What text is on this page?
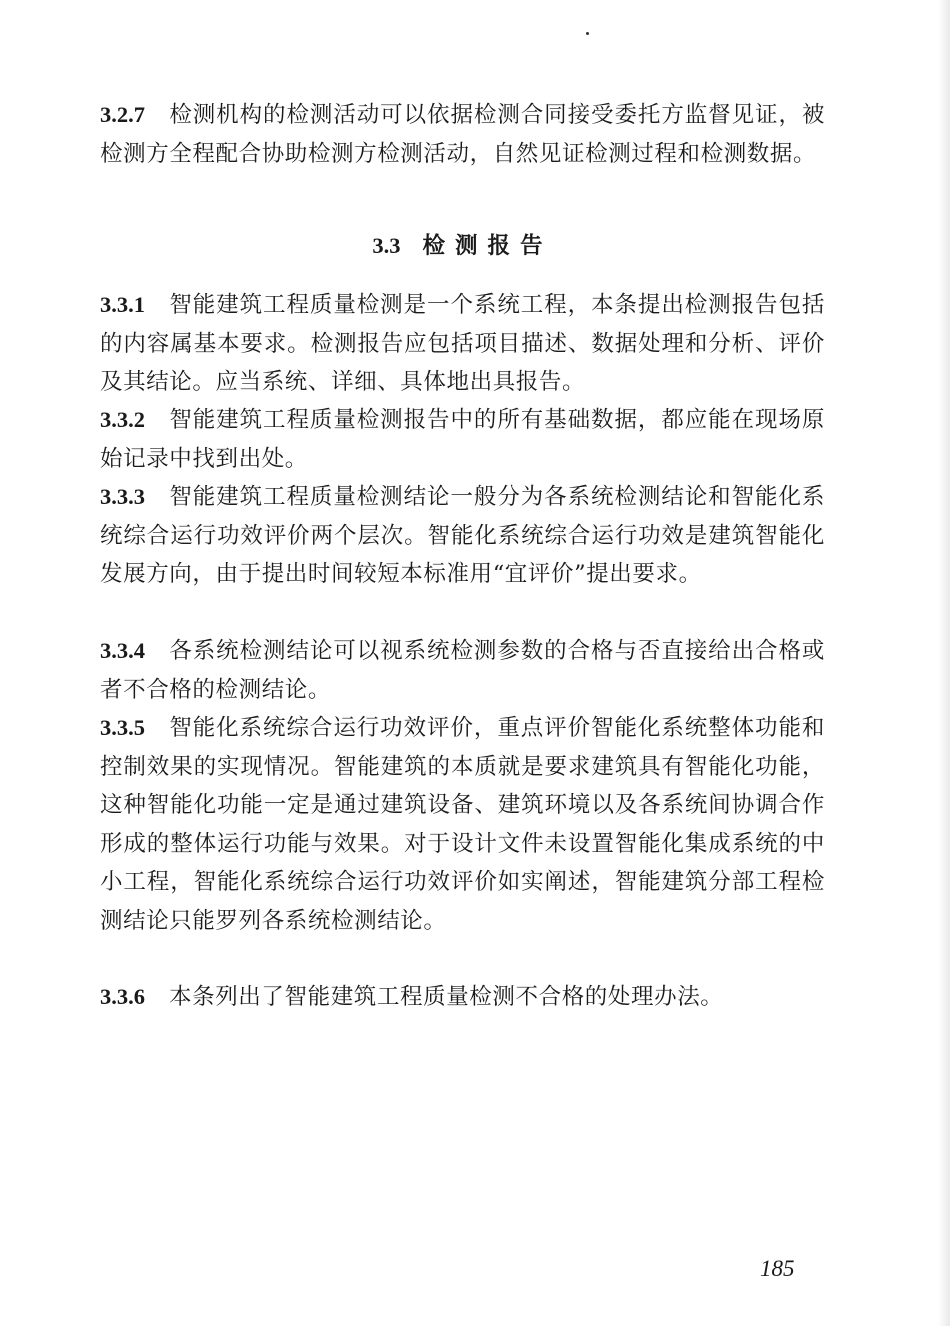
3.2.7 检测机构的检测活动可以依据检测合同接受委托方监督见证，被检测方全程配合协助检测方检测活动，自然见证检测过程和检测数据。

3.3 检测报告

3.3.1 智能建筑工程质量检测是一个系统工程，本条提出检测报告包括的内容属基本要求。检测报告应包括项目描述、数据处理和分析、评价及其结论。应当系统、详细、具体地出具报告。

3.3.2 智能建筑工程质量检测报告中的所有基础数据，都应能在现场原始记录中找到出处。

3.3.3 智能建筑工程质量检测结论一般分为各系统检测结论和智能化系统综合运行功效评价两个层次。智能化系统综合运行功效是建筑智能化发展方向，由于提出时间较短本标准用“宜评价”提出要求。

3.3.4 各系统检测结论可以视系统检测参数的合格与否直接给出合格或者不合格的检测结论。

3.3.5 智能化系统综合运行功效评价，重点评价智能化系统整体功能和控制效果的实现情况。智能建筑的本质就是要求建筑具有智能化功能，这种智能化功能一定是通过建筑设备、建筑环境以及各系统间协调合作形成的整体运行功能与效果。对于设计文件未设置智能化集成系统的中小工程，智能化系统综合运行功效评价如实阐述，智能建筑分部工程检测结论只能罗列各系统检测结论。

3.3.6 本条列出了智能建筑工程质量检测不合格的处理办法。

185
